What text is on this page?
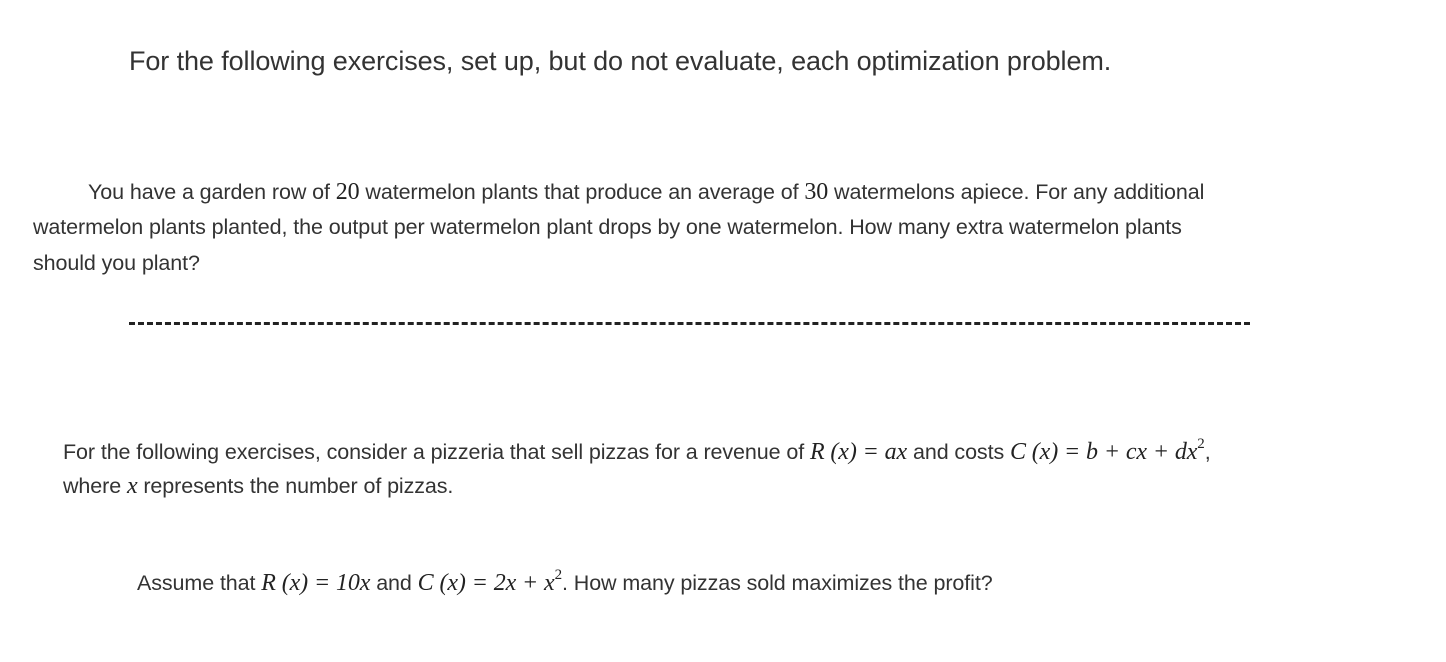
For the following exercises, set up, but do not evaluate, each optimization problem.
You have a garden row of 20 watermelon plants that produce an average of 30 watermelons apiece. For any additional
watermelon plants planted, the output per watermelon plant drops by one watermelon. How many extra watermelon plants
should you plant?
For the following exercises, consider a pizzeria that sell pizzas for a revenue of R (x) = ax and costs C (x) = b + cx + $dx^2$,
where x represents the number of pizzas.
Assume that R (x) = 10x and C $(x) = 2x + x^2$. How many pizzas sold maximizes the profit?
